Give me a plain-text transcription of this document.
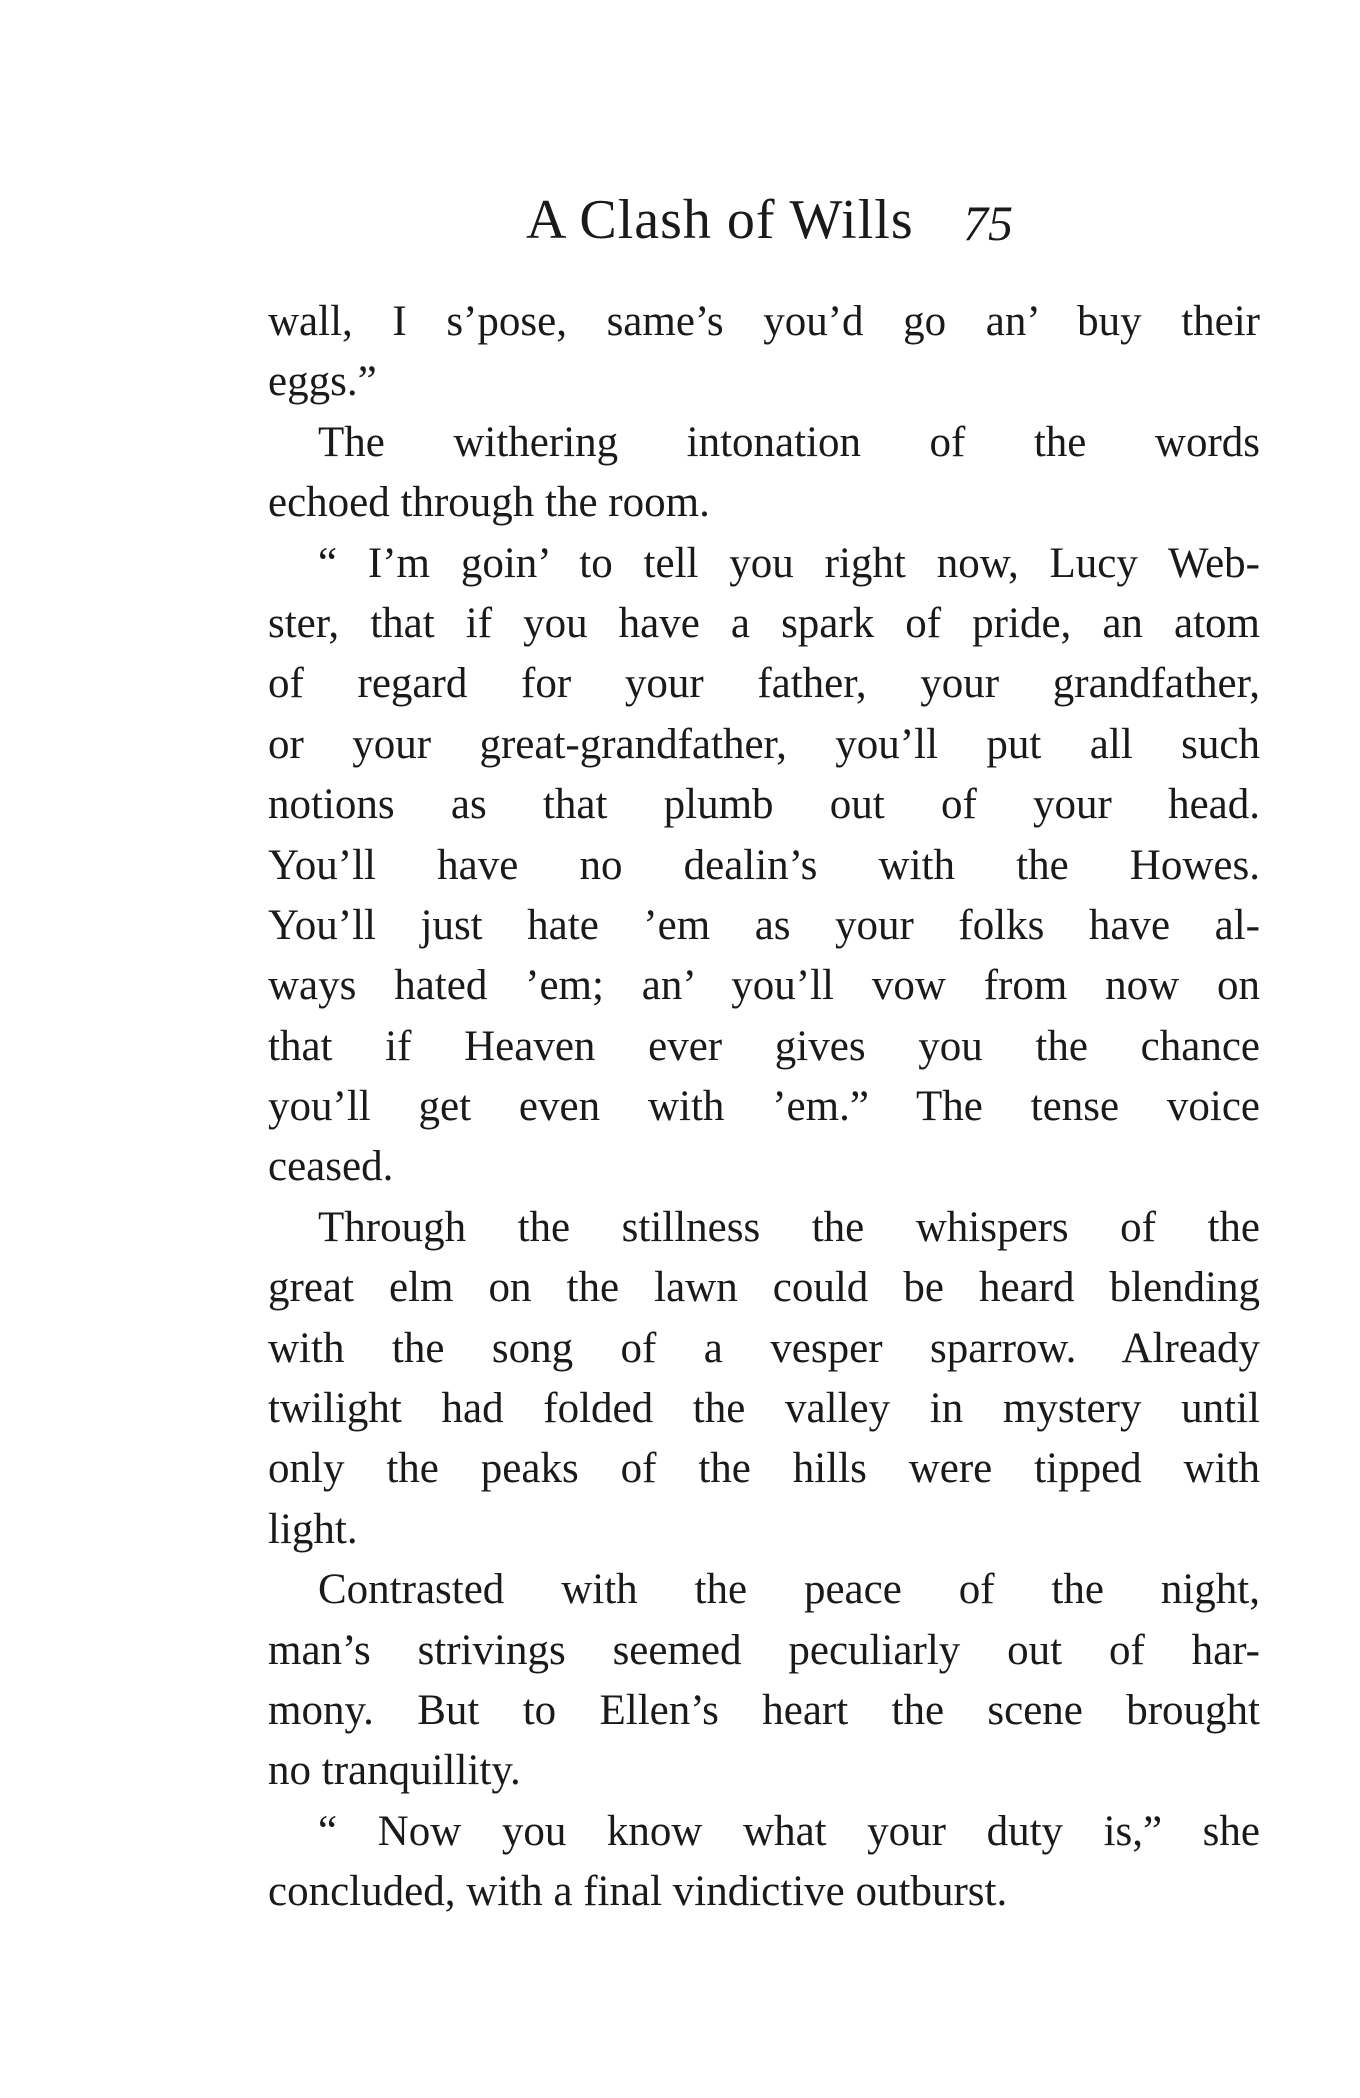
A Clash of Wills 75
wall, I s’pose, same’s you’d go an’ buy their
eggs.”
The withering intonation of the words
echoed through the room.
“ I’m goin’ to tell you right now, Lucy Web-
ster, that if you have a spark of pride, an atom
of regard for your father, your grandfather,
or your great-grandfather, you’ll put all such
notions as that plumb out of your head.
You’ll have no dealin’s with the Howes.
You’ll just hate ’em as your folks have al-
ways hated ’em; an’ you’ll vow from now on
that if Heaven ever gives you the chance
you’ll get even with ’em.” The tense voice
ceased.
Through the stillness the whispers of the
great elm on the lawn could be heard blending
with the song of a vesper sparrow. Already
twilight had folded the valley in mystery until
only the peaks of the hills were tipped with
light.
Contrasted with the peace of the night,
man’s strivings seemed peculiarly out of har-
mony. But to Ellen’s heart the scene brought
no tranquillity.
“ Now you know what your duty is,” she
concluded, with a final vindictive outburst.
